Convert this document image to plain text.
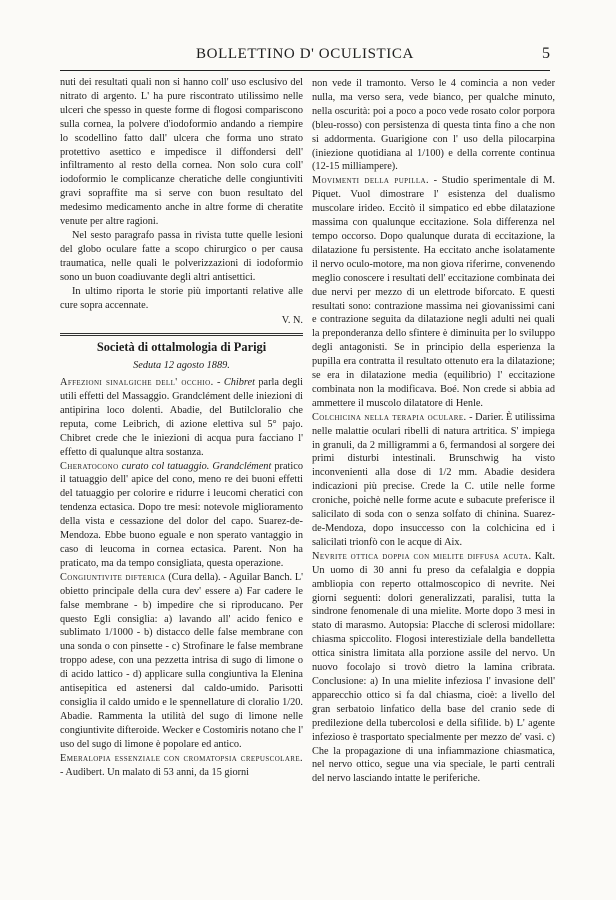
BOLLETTINO D' OCULISTICA	5

nuti dei resultati quali non si hanno coll' uso esclusivo del nitrato di argento. L' ha pure riscontrato utilissimo nelle ulceri che spesso in queste forme di flogosi compariscono sulla cornea, la polvere d'iodoformio andando a riempire lo scodellino fatto dall' ulcera che forma uno strato protettivo asettico e impedisce il diffondersi dell' infiltramento al resto della cornea. Non solo cura coll' iodoformio le complicanze cheratiche delle congiuntiviti gravi sopraffite ma si serve con buon resultato del medesimo medicamento anche in altre forme di cheratite venute per altre ragioni.

Nel sesto paragrafo passa in rivista tutte quelle lesioni del globo oculare fatte a scopo chirurgico o per causa traumatica, nelle quali le polverizzazioni di iodoformio sono un buon coadiuvante degli altri antisettici.

In ultimo riporta le storie più importanti relative alle cure sopra accennate.

V. N.

Società di ottalmologia di Parigi

Seduta 12 agosto 1889.

Affezioni sinalgiche dell' occhio. - Chibret parla degli utili effetti del Massaggio. Grandclément delle iniezioni di antipirina loco dolenti. Abadie, del Butilcloralio che reputa, come Leibrich, di azione elettiva sul 5° pajo. Chibret crede che le iniezioni di acqua pura facciano l' effetto di qualunque altra sostanza.

Cheratocono curato col tatuaggio. Grandclément pratico il tatuaggio dell' apice del cono, meno re dei buoni effetti del tatuaggio per colorire e ridurre i leucomi cheratici con tendenza ectasica. Dopo tre mesi: notevole miglioramento della vista e cessazione del dolor del capo. Suarez-de-Mendoza. Ebbe buono eguale e non sperato vantaggio in caso di leucoma in cornea ectasica. Parent. Non ha praticato, ma da tempo consigliata, questa operazione.

Congiuntivite difterica (Cura della). - Aguilar Banch. L' obietto principale della cura dev' essere a) Far cadere le false membrane - b) impedire che si riproducano. Per questo Egli consiglia: a) lavando all' acido fenico e sublimato 1/1000 - b) distacco delle false membrane con una sonda o con pinsette - c) Strofinare le false membrane troppo adese, con una pezzetta intrisa di sugo di limone o di acido lattico - d) applicare sulla congiuntiva la Elenina antisepitica ed astenersi dal caldo-umido. Parisotti consiglia il caldo umido e le spennellature di cloralio 1/20. Abadie. Rammenta la utilità del sugo di limone nelle congiuntivite difteroide. Wecker e Costomiris notano che l' uso del sugo di limone è popolare ed antico.

Emeralopia essenziale con cromatopsia crepuscolare. - Audibert. Un malato di 53 anni, da 15 giorni

non vede il tramonto. Verso le 4 comincia a non veder nulla, ma verso sera, vede bianco, per qualche minuto, nella oscurità: poi a poco a poco vede rosato color porpora (bleu-rosso) con persistenza di questa tinta fino a che non si addormenta. Guarigione con l' uso della pilocarpina (iniezione quotidiana al 1/100) e della corrente continua (12-15 milliampere).

Movimenti della pupilla. - Studio sperimentale di M. Piquet. Vuol dimostrare l' esistenza del dualismo muscolare irideo. Eccitò il simpatico ed ebbe dilatazione massima con qualunque eccitazione. Sola differenza nel tempo occorso. Dopo qualunque durata di eccitazione, la dilatazione fu persistente. Ha eccitato anche isolatamente il nervo oculo-motore, ma non giova riferirne, convenendo meglio conoscere i resultati dell' eccitazione combinata dei due nervi per mezzo di un elettrode biforcato. E questi resultati sono: contrazione massima nei giovanissimi cani e contrazione seguita da dilatazione negli adulti nei quali la preponderanza dello sfintere è diminuita per lo sviluppo degli antagonisti. Se in principio della esperienza la pupilla era contratta il resultato ottenuto era la dilatazione; se era in dilatazione media (equilibrio) l' eccitazione combinata non la modificava. Boé. Non crede si abbia ad ammettere il muscolo dilatatore di Henle.

Colchicina nella terapia oculare. - Darier. È utilissima nelle malattie oculari ribelli di natura artritica. S' impiega in granuli, da 2 milligrammi a 6, fermandosi al sorgere dei primi disturbi intestinali. Brunschwig ha visto inconvenienti alla dose di 1/2 mm. Abadie desidera indicazioni più precise. Crede la C. utile nelle forme croniche, poichè nelle forme acute e subacute preferisce il salicilato di soda con o senza solfato di chinina. Suarez-de-Mendoza, dopo insuccesso con la colchicina ed i salicilati trionfò con le acque di Aix.

Nevrite ottica doppia con mielite diffusa acuta. Kalt. Un uomo di 30 anni fu preso da cefalalgia e doppia ambliopia con reperto ottalmoscopico di nevrite. Nei giorni seguenti: dolori generalizzati, paralisi, tutta la sindrone fenomenale di una mielite. Morte dopo 3 mesi in stato di marasmo. Autopsia: Placche di sclerosi midollare: chiasma spiccolito. Flogosi interestiziale della bandelletta ottica sinistra limitata alla porzione assile del nervo. Un nuovo focolajo si trovò dietro la lamina cribrata. Conclusione: a) In una mielite infeziosa l' invasione dell' apparecchio ottico si fa dal chiasma, cioè: a livello del gran serbatoio linfatico della base del cranio sede di predilezione della tubercolosi e della sifilide. b) L' agente infezioso è trasportato specialmente per mezzo de' vasi. c) Che la propagazione di una infiammazione chiasmatica, nel nervo ottico, segue una via speciale, le parti centrali del nervo lasciando intatte le periferiche.
